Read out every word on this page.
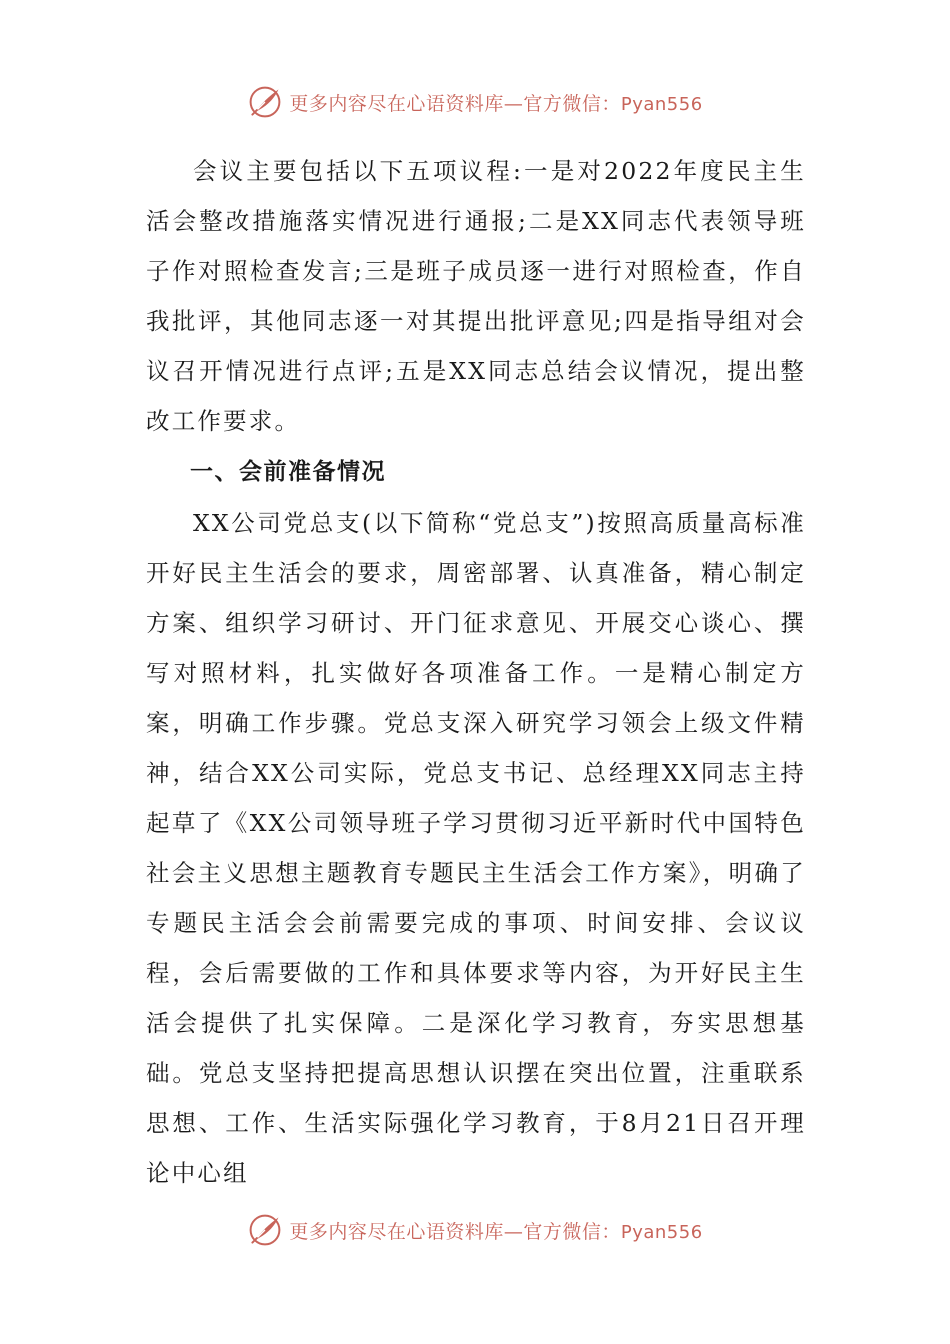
更多内容尽在心语资料库—官方微信：Pyan556

会议主要包括以下五项议程:一是对2022年度民主生活会整改措施落实情况进行通报;二是XX同志代表领导班子作对照检查发言;三是班子成员逐一进行对照检查，作自我批评，其他同志逐一对其提出批评意见;四是指导组对会议召开情况进行点评;五是XX同志总结会议情况，提出整改工作要求。

一、会前准备情况

XX公司党总支(以下简称“党总支”)按照高质量高标准开好民主生活会的要求，周密部署、认真准备，精心制定方案、组织学习研讨、开门征求意见、开展交心谈心、撰写对照材料，扎实做好各项准备工作。一是精心制定方案，明确工作步骤。党总支深入研究学习领会上级文件精神，结合XX公司实际，党总支书记、总经理XX同志主持起草了《XX公司领导班子学习贯彻习近平新时代中国特色社会主义思想主题教育专题民主生活会工作方案》，明确了专题民主活会会前需要完成的事项、时间安排、会议议程，会后需要做的工作和具体要求等内容，为开好民主生活会提供了扎实保障。二是深化学习教育，夯实思想基础。党总支坚持把提高思想认识摆在突出位置，注重联系思想、工作、生活实际强化学习教育，于8月21日召开理论中心组

更多内容尽在心语资料库—官方微信：Pyan556
